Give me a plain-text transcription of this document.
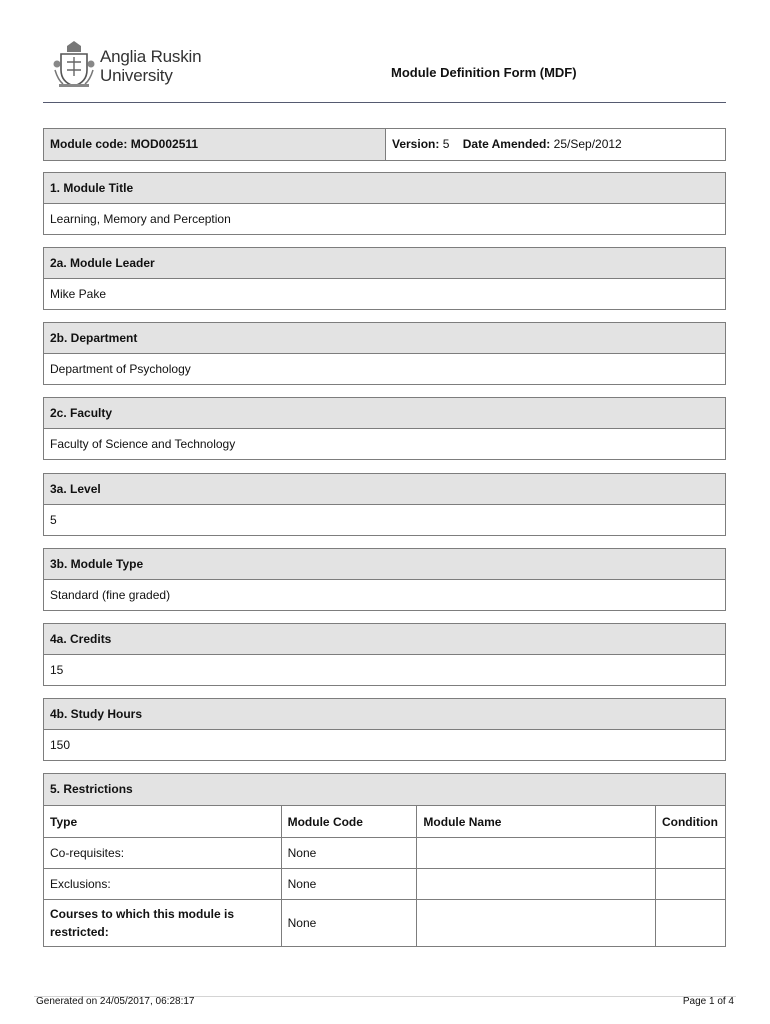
Anglia Ruskin
University	Module Definition Form (MDF)
Module code: MOD002511	Version: 5 Date Amended: 25/Sep/2012
1. Module Title
Learning, Memory and Perception
2a. Module Leader
Mike Pake
2b. Department
Department of Psychology
2c. Faculty
Faculty of Science and Technology
3a. Level
5
3b. Module Type
Standard (fine graded)
4a. Credits
15
4b. Study Hours
150
5. Restrictions
Type	Module Code	Module Name	Condition
Co-requisites:	None		
Exclusions:	None		
Courses to which this module is restricted:	None		
Generated on 24/05/2017, 06:28:17	Page 1 of 4
